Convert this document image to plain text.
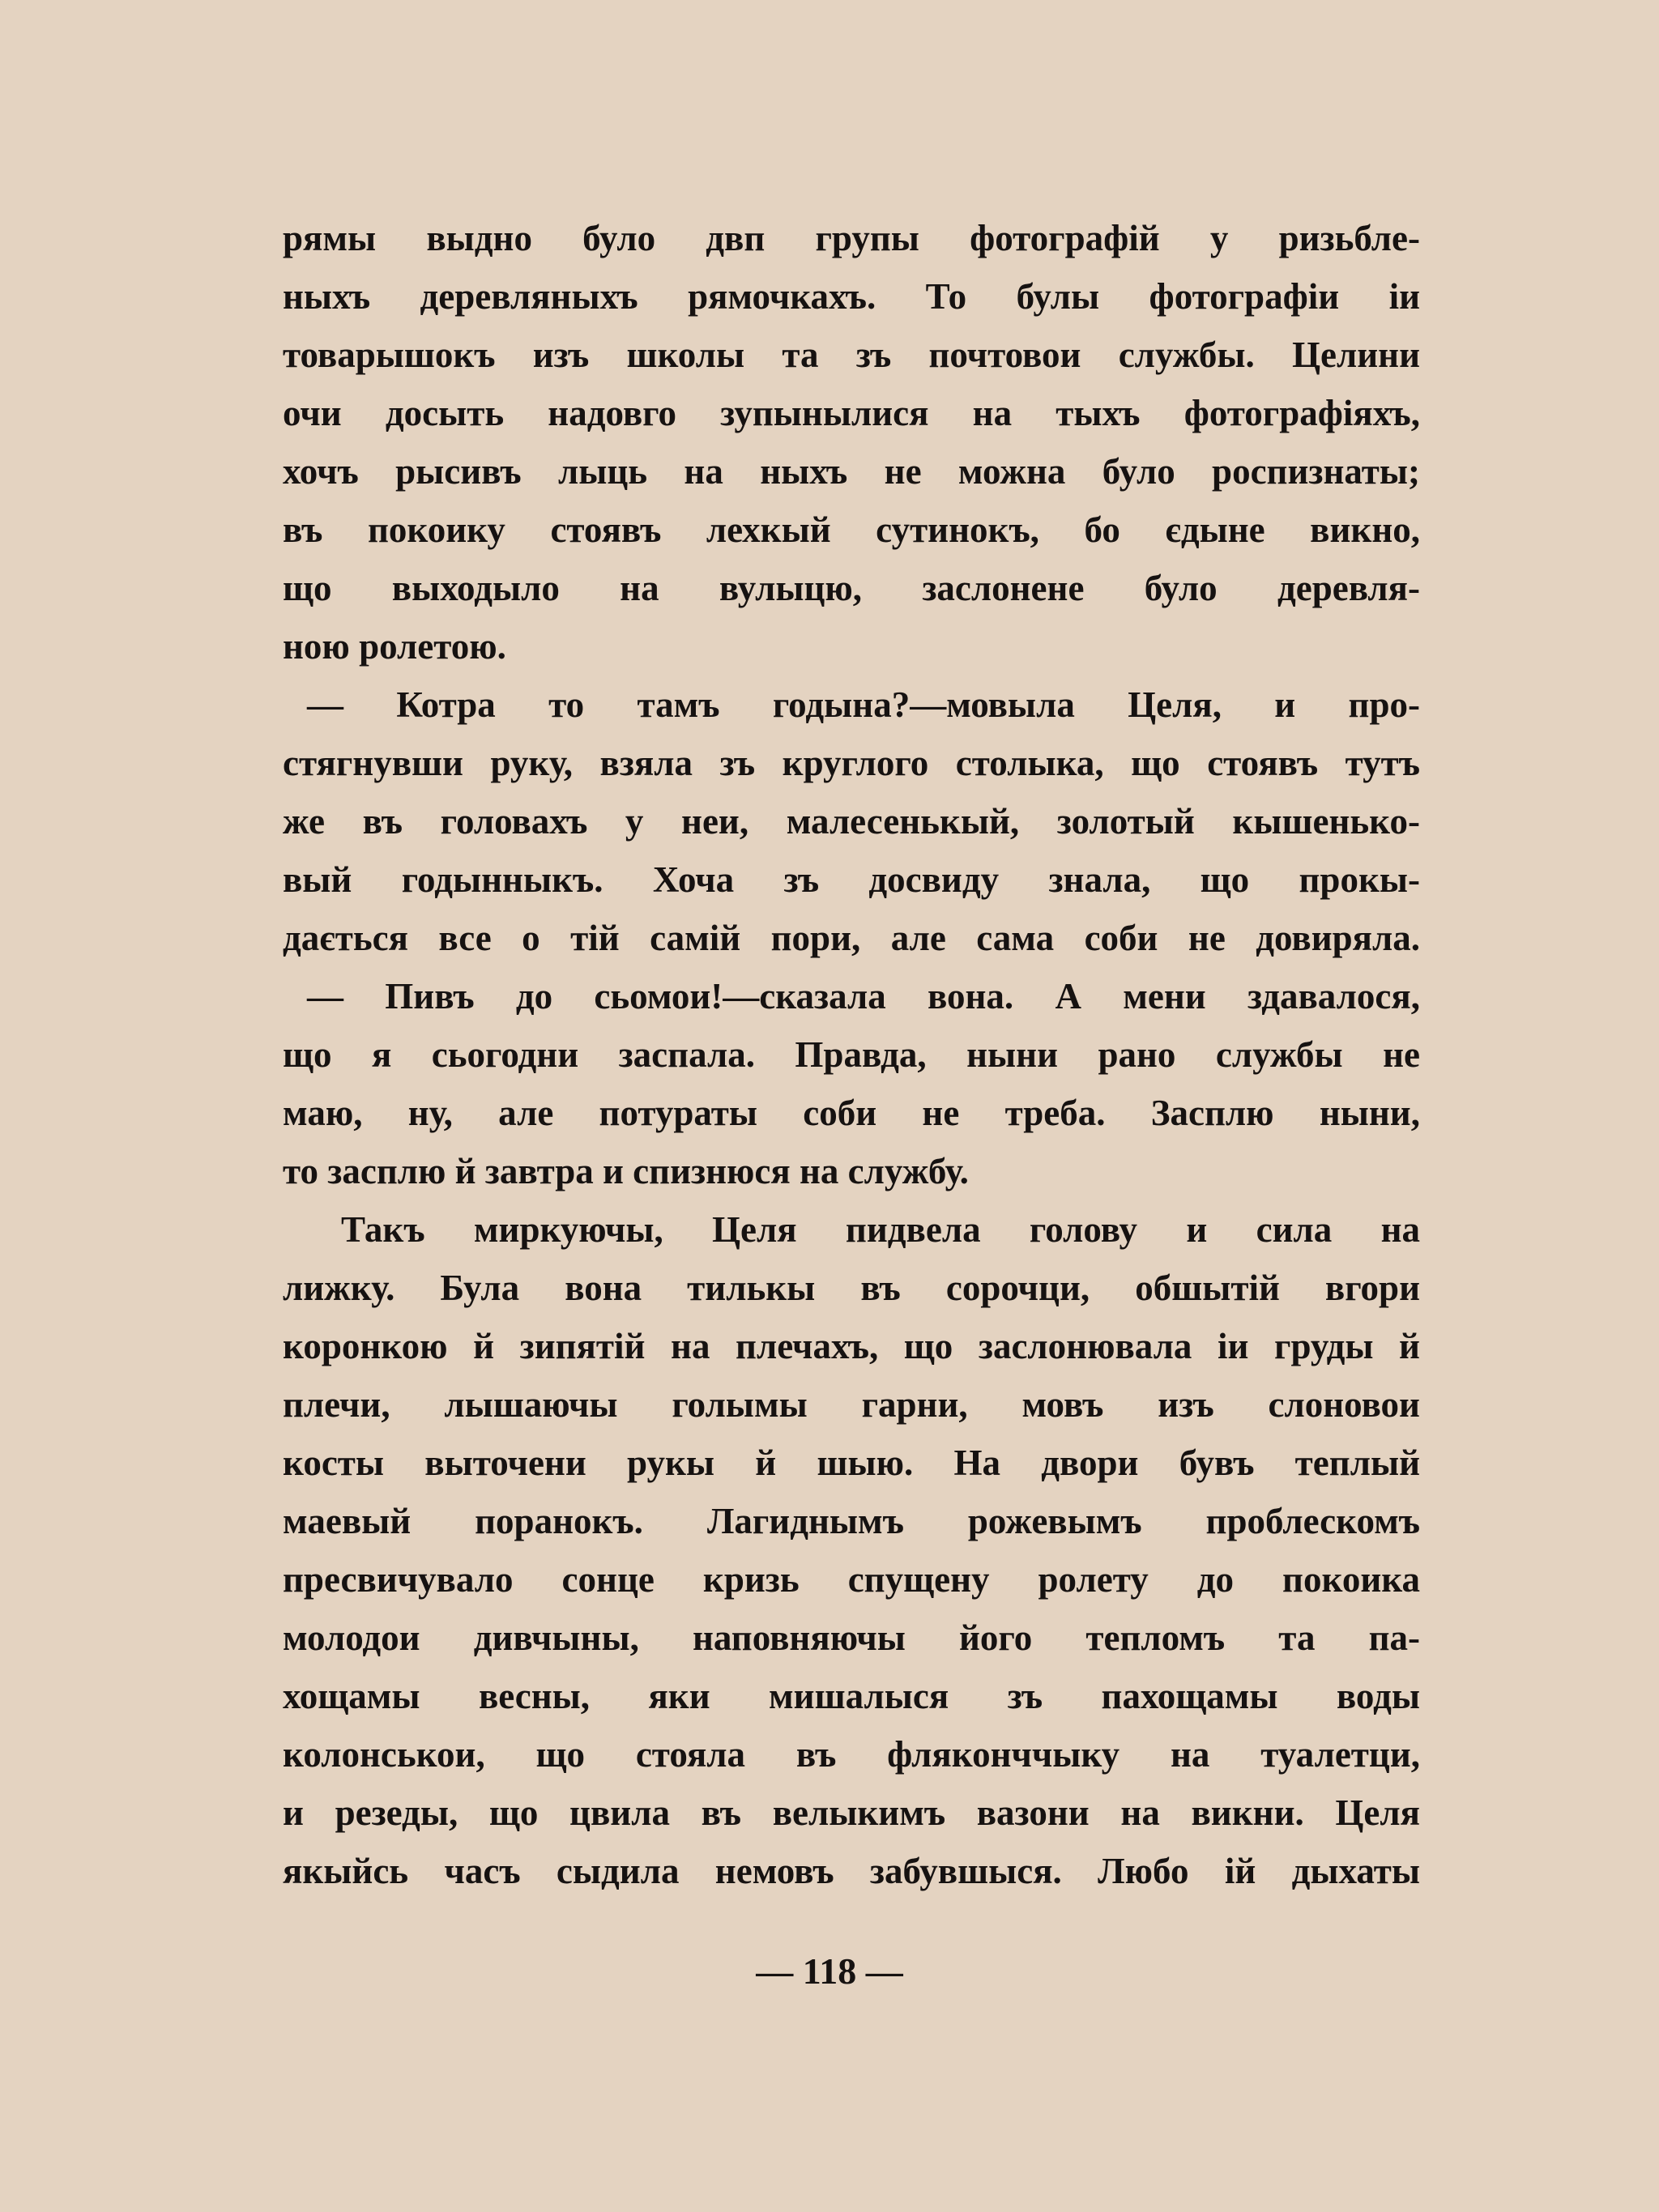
рямы выдно було двп групы фотографій у ризьбле-
ныхъ деревляныхъ рямочкахъ. То булы фотографіи іи
товарышокъ изъ школы та зъ почтовои службы. Целини
очи досыть надовго зупынылися на тыхъ фотографіяхъ,
хочъ рысивъ лыць на ныхъ не можна було роспизнаты;
въ покоику стоявъ лехкый сутинокъ, бо єдыне викно,
що выходыло на вулыцю, заслонене було деревля-
ною ролетою.
— Котра то тамъ годына?—мовыла Целя, и про-
стягнувши руку, взяла зъ круглого столыка, що стоявъ тутъ
же въ головахъ у неи, малесенькый, золотый кышенько-
вый годынныкъ. Хоча зъ досвиду знала, що прокы-
дається все о тій самій пори, але сама соби не довиряла.
— Пивъ до сьомои!—сказала вона. А мени здавалося,
що я сьогодни заспала. Правда, ныни рано службы не
маю, ну, але потураты соби не треба. Засплю ныни,
то засплю й завтра и спизнюся на службу.
Такъ миркуючы, Целя пидвела голову и сила на
лижку. Була вона тилькы въ сорочци, обшытій вгори
коронкою й зипятій на плечахъ, що заслонювала іи груды й
плечи, лышаючы голымы гарни, мовъ изъ слоновои
косты выточени рукы й шыю. На двори бувъ теплый
маевый поранокъ. Лагиднымъ рожевымъ проблескомъ
пресвичувало сонце кризь спущену ролету до покоика
молодои дивчыны, наповняючы його тепломъ та па-
хощамы весны, яки мишалыся зъ пахощамы воды
колонськои, що стояла въ фляконччыку на туалетци,
и резеды, що цвила въ велыкимъ вазони на викни. Целя
якыйсь часъ сыдила немовъ забувшыся. Любо ій дыхаты
— 118 —
